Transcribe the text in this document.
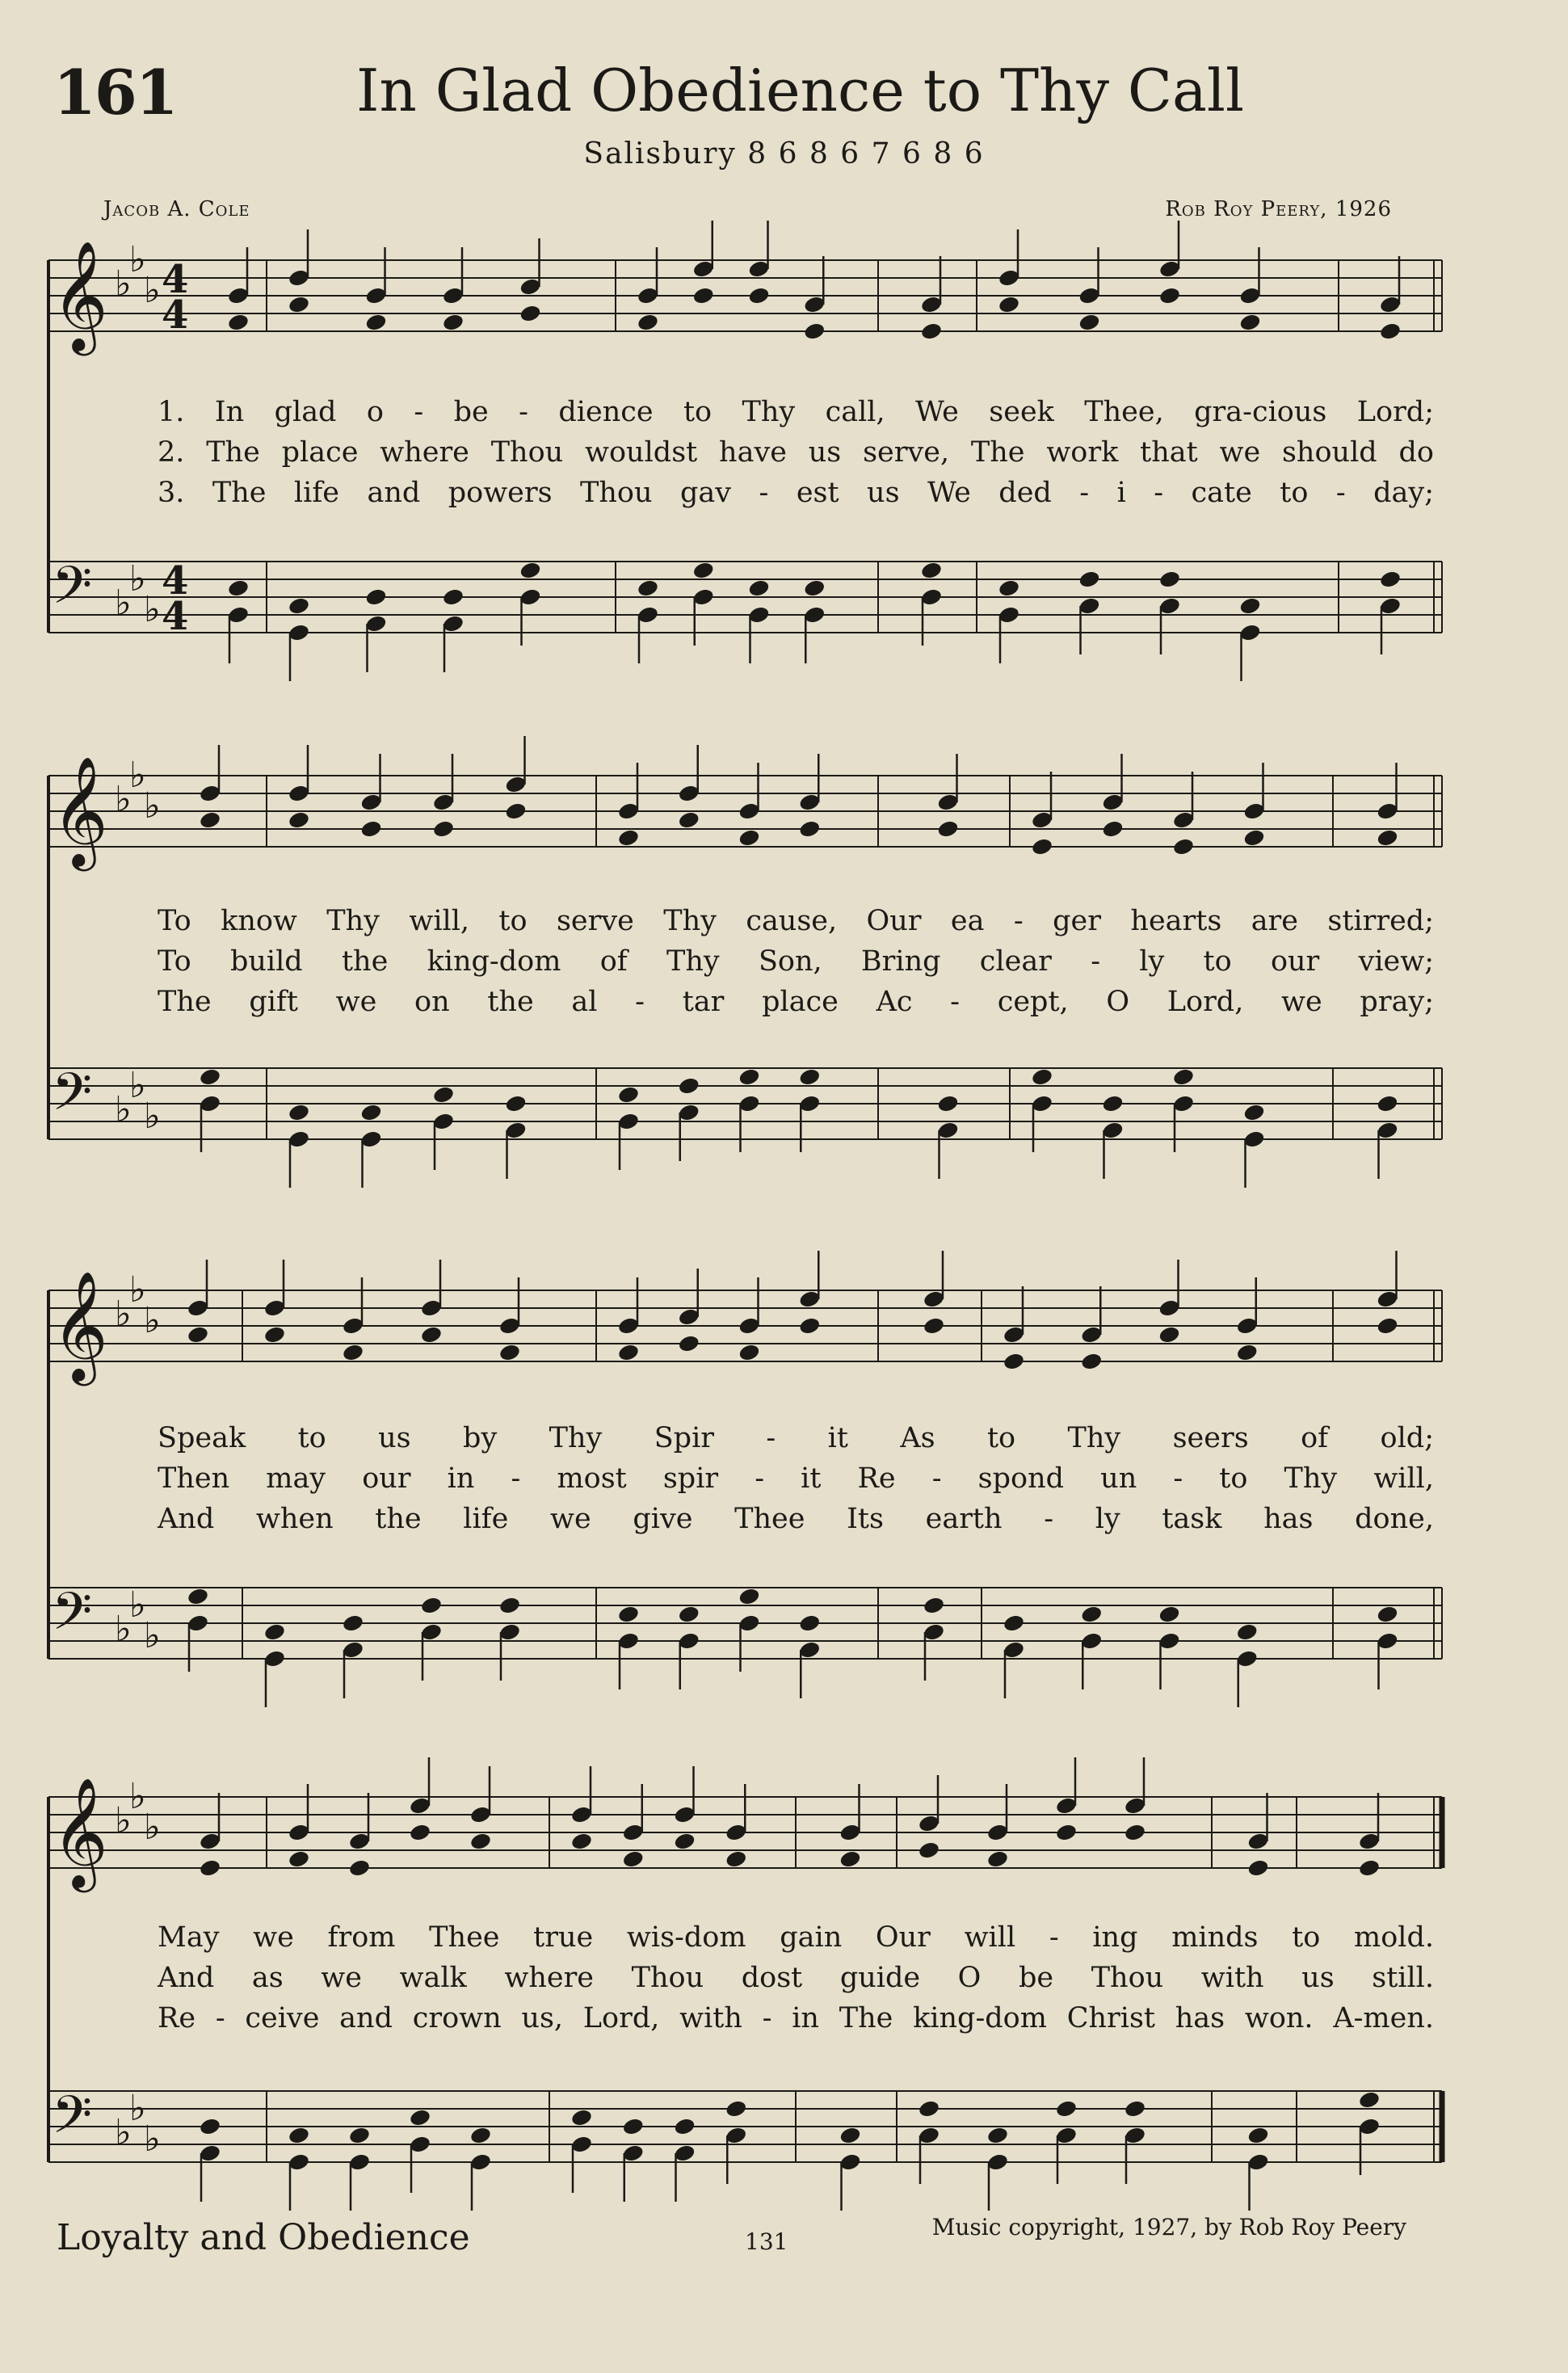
161	In Glad Obedience to Thy Call
Salisbury 8 6 8 6 7 6 8 6
Jacob A. Cole	Rob Roy Peery, 1926
𝄞 ♭
♭
♭ 4
4
𝄢 ♭
♭
♭
4
4
1. In glad o - be - dience to Thy call, We seek Thee, gra-cious Lord;
2. The place where Thou wouldst have us serve, The work that we should do
3. The life and powers Thou gav - est us We ded - i - cate to - day;
𝄞 ♭
♭
♭
𝄢 ♭
♭
♭
To know Thy will, to serve Thy cause, Our ea - ger hearts are stirred;
To build the king-dom of Thy Son, Bring clear - ly to our view;
The gift we on the al - tar place Ac - cept, O Lord, we pray;
𝄞 ♭
♭
♭
𝄢 ♭
♭
♭
Speak to us by Thy Spir - it As to Thy seers of old;
Then may our in - most spir - it Re - spond un - to Thy will,
And when the life we give Thee Its earth - ly task has done,
𝄞 ♭
♭
♭
𝄢 ♭
♭
♭
May we from Thee true wis-dom gain Our will - ing minds to mold.
And as we walk where Thou dost guide O be Thou with us still.
Re - ceive and crown us, Lord, with - in The king-dom Christ has won. A-men.
Loyalty and Obedience	131
Music copyright, 1927, by Rob Roy Peery
